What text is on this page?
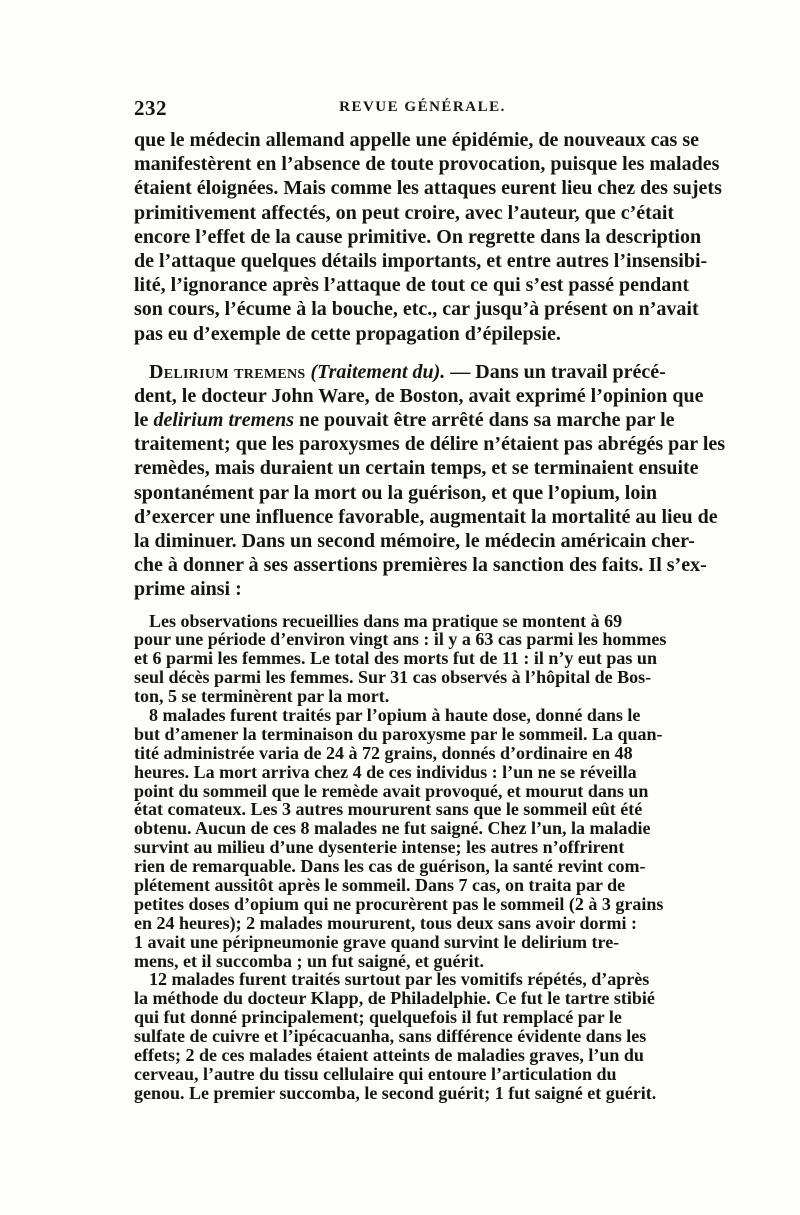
232	REVUE GÉNÉRALE.
que le médecin allemand appelle une épidémie, de nouveaux cas se
manifestèrent en l’absence de toute provocation, puisque les malades
étaient éloignées. Mais comme les attaques eurent lieu chez des sujets
primitivement affectés, on peut croire, avec l’auteur, que c’était
encore l’effet de la cause primitive. On regrette dans la description
de l’attaque quelques détails importants, et entre autres l’insensibi-
lité, l’ignorance après l’attaque de tout ce qui s’est passé pendant
son cours, l’écume à la bouche, etc., car jusqu’à présent on n’avait
pas eu d’exemple de cette propagation d’épilepsie.
Delirium tremens (Traitement du). — Dans un travail précé-
dent, le docteur John Ware, de Boston, avait exprimé l’opinion que
le delirium tremens ne pouvait être arrêté dans sa marche par le
traitement; que les paroxysmes de délire n’étaient pas abrégés par les
remèdes, mais duraient un certain temps, et se terminaient ensuite
spontanément par la mort ou la guérison, et que l’opium, loin
d’exercer une influence favorable, augmentait la mortalité au lieu de
la diminuer. Dans un second mémoire, le médecin américain cher-
che à donner à ses assertions premières la sanction des faits. Il s’ex-
prime ainsi :
Les observations recueillies dans ma pratique se montent à 69
pour une période d’environ vingt ans : il y a 63 cas parmi les hommes
et 6 parmi les femmes. Le total des morts fut de 11 : il n’y eut pas un
seul décès parmi les femmes. Sur 31 cas observés à l’hôpital de Bos-
ton, 5 se terminèrent par la mort.
8 malades furent traités par l’opium à haute dose, donné dans le
but d’amener la terminaison du paroxysme par le sommeil. La quan-
tité administrée varia de 24 à 72 grains, donnés d’ordinaire en 48
heures. La mort arriva chez 4 de ces individus : l’un ne se réveilla
point du sommeil que le remède avait provoqué, et mourut dans un
état comateux. Les 3 autres moururent sans que le sommeil eût été
obtenu. Aucun de ces 8 malades ne fut saigné. Chez l’un, la maladie
survint au milieu d’une dysenterie intense; les autres n’offrirent
rien de remarquable. Dans les cas de guérison, la santé revint com-
plétement aussitôt après le sommeil. Dans 7 cas, on traita par de
petites doses d’opium qui ne procurèrent pas le sommeil (2 à 3 grains
en 24 heures); 2 malades moururent, tous deux sans avoir dormi :
1 avait une péripneumonie grave quand survint le delirium tre-
mens, et il succomba ; un fut saigné, et guérit.
12 malades furent traités surtout par les vomitifs répétés, d’après
la méthode du docteur Klapp, de Philadelphie. Ce fut le tartre stibié
qui fut donné principalement; quelquefois il fut remplacé par le
sulfate de cuivre et l’ipécacuanha, sans différence évidente dans les
effets; 2 de ces malades étaient atteints de maladies graves, l’un du
cerveau, l’autre du tissu cellulaire qui entoure l’articulation du
genou. Le premier succomba, le second guérit; 1 fut saigné et guérit.
